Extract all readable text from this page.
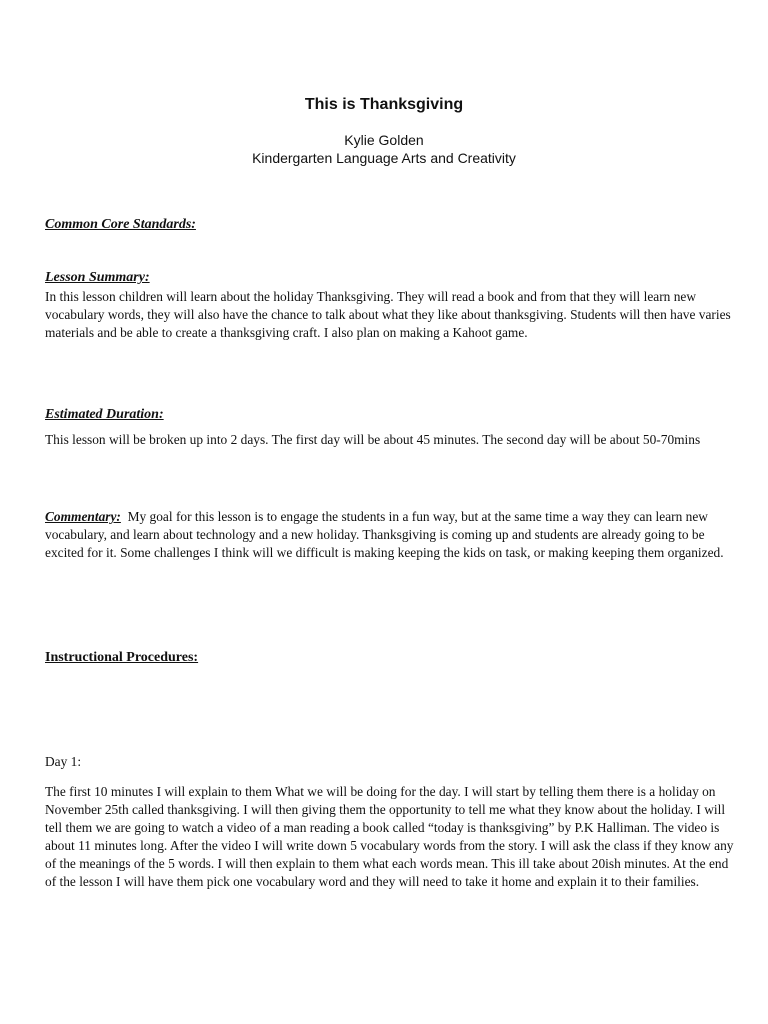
This is Thanksgiving
Kylie Golden
Kindergarten Language Arts and Creativity
Common Core Standards:
Lesson Summary:

In this lesson children will learn about the holiday Thanksgiving. They will read a book and from that they will learn new vocabulary words, they will also have the chance to talk about what they like about thanksgiving. Students will then have varies materials and be able to create a thanksgiving craft. I also plan on making a Kahoot game.

Estimated Duration:

This lesson will be broken up into 2 days. The first day will be about 45 minutes. The second day will be about 50-70mins

Commentary: My goal for this lesson is to engage the students in a fun way, but at the same time a way they can learn new vocabulary, and learn about technology and a new holiday. Thanksgiving is coming up and students are already going to be excited for it. Some challenges I think will we difficult is making keeping the kids on task, or making keeping them organized.

Instructional Procedures:

Day 1:

The first 10 minutes I will explain to them What we will be doing for the day. I will start by telling them there is a holiday on November 25th called thanksgiving. I will then giving them the opportunity to tell me what they know about the holiday. I will tell them we are going to watch a video of a man reading a book called “today is thanksgiving” by P.K Halliman. The video is about 11 minutes long. After the video I will write down 5 vocabulary words from the story. I will ask the class if they know any of the meanings of the 5 words. I will then explain to them what each words mean. This ill take about 20ish minutes. At the end of the lesson I will have them pick one vocabulary word and they will need to take it home and explain it to their families.
